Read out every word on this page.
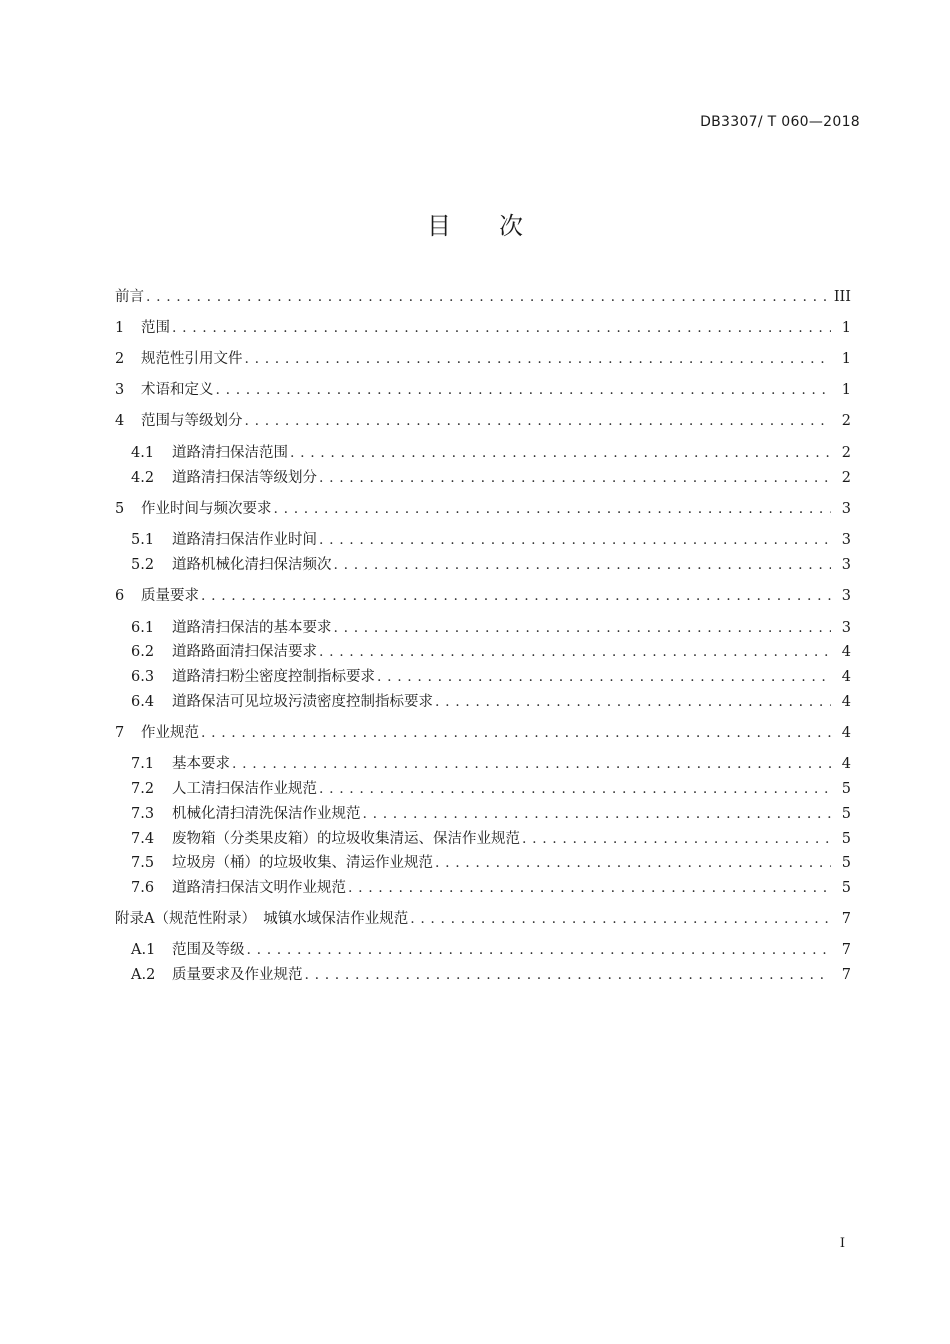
DB3307/ T 060—2018
目 次
前言 . . .	III
1	范围 . . .	1
2	规范性引用文件 . . .	1
3	术语和定义 . . .	1
4	范围与等级划分 . . .	2
4.1	道路清扫保洁范围 . . .	2
4.2	道路清扫保洁等级划分 . . .	2
5	作业时间与频次要求 . . .	3
5.1	道路清扫保洁作业时间 . . .	3
5.2	道路机械化清扫保洁频次 . . .	3
6	质量要求 . . .	3
6.1	道路清扫保洁的基本要求 . . .	3
6.2	道路路面清扫保洁要求 . . .	4
6.3	道路清扫粉尘密度控制指标要求 . . .	4
6.4	道路保洁可见垃圾污渍密度控制指标要求 . . .	4
7	作业规范 . . .	4
7.1	基本要求 . . .	4
7.2	人工清扫保洁作业规范 . . .	5
7.3	机械化清扫清洗保洁作业规范 . . .	5
7.4	废物箱（分类果皮箱）的垃圾收集清运、保洁作业规范 . . .	5
7.5	垃圾房（桶）的垃圾收集、清运作业规范 . . .	5
7.6	道路清扫保洁文明作业规范 . . .	5
附录A（规范性附录）　城镇水域保洁作业规范 . . .	7
A.1	范围及等级 . . .	7
A.2	质量要求及作业规范 . . .	7
I
